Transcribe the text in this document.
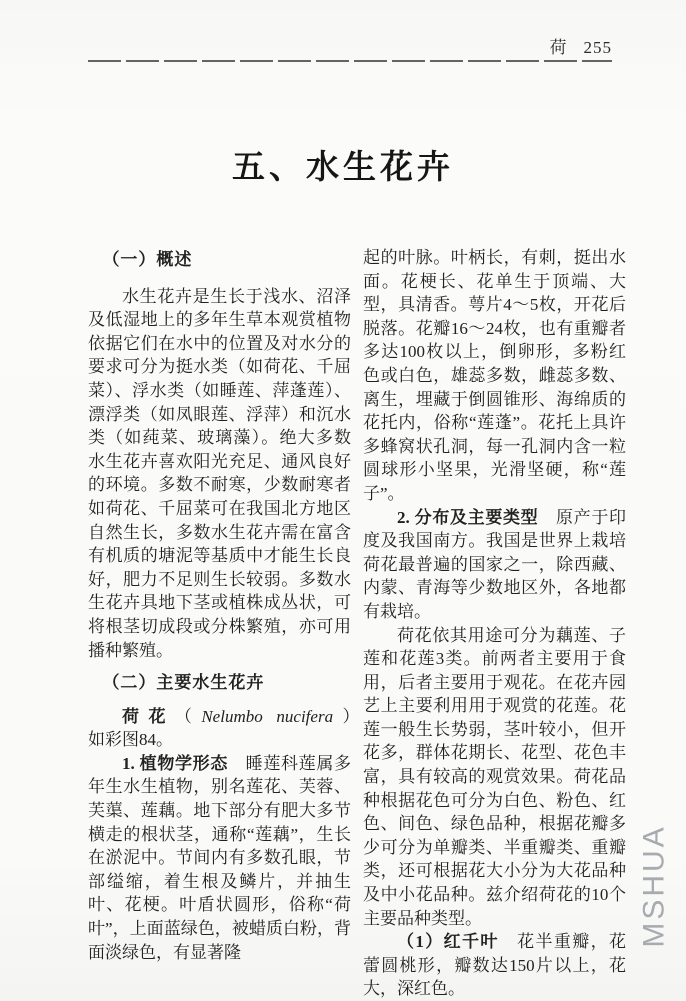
荷 255
五、水生花卉

（一）概述

水生花卉是生长于浅水、沼泽及低湿地上的多年生草本观赏植物　依据它们在水中的位置及对水分的要求可分为挺水类（如荷花、千屈菜）、浮水类（如睡莲、萍蓬莲）、漂浮类（如凤眼莲、浮萍）和沉水类（如莼菜、玻璃藻）。绝大多数水生花卉喜欢阳光充足、通风良好的环境。多数不耐寒，少数耐寒者如荷花、千屈菜可在我国北方地区自然生长，多数水生花卉需在富含有机质的塘泥等基质中才能生长良好，肥力不足则生长较弱。多数水生花卉具地下茎或植株成丛状，可将根茎切成段或分株繁殖，亦可用播种繁殖。

（二）主要水生花卉

荷花（Nelumbo nucifera）　　如彩图84。

1. 植物学形态　睡莲科莲属多年生水生植物，别名莲花、芙蓉、芙蕖、莲藕。地下部分有肥大多节横走的根状茎，通称“莲藕”，生长在淤泥中。节间内有多数孔眼，节部缢缩，着生根及鳞片，并抽生叶、花梗。叶盾状圆形，俗称“荷叶”，上面蓝绿色，被蜡质白粉，背面淡绿色，有显著隆

起的叶脉。叶柄长，有刺，挺出水面。花梗长、花单生于顶端、大型，具清香。萼片4～5枚，开花后脱落。花瓣16～24枚，也有重瓣者多达100枚以上，倒卵形，多粉红色或白色，雄蕊多数，雌蕊多数、离生，埋藏于倒圆锥形、海绵质的花托内，俗称“莲蓬”。花托上具许多蜂窝状孔洞，每一孔洞内含一粒圆球形小坚果，光滑坚硬，称“莲子”。

2. 分布及主要类型　原产于印度及我国南方。我国是世界上栽培荷花最普遍的国家之一，除西藏、内蒙、青海等少数地区外，各地都有栽培。

荷花依其用途可分为藕莲、子莲和花莲3类。前两者主要用于食用，后者主要用于观花。在花卉园艺上主要利用用于观赏的花莲。花莲一般生长势弱，茎叶较小，但开花多，群体花期长、花型、花色丰富，具有较高的观赏效果。荷花品种根据花色可分为白色、粉色、红色、间色、绿色品种，根据花瓣多少可分为单瓣类、半重瓣类、重瓣类，还可根据花大小分为大花品种及中小花品种。兹介绍荷花的10个主要品种类型。

（1）红千叶　花半重瓣，花蕾圆桃形，瓣数达150片以上，花大，深红色。

MSHUA
